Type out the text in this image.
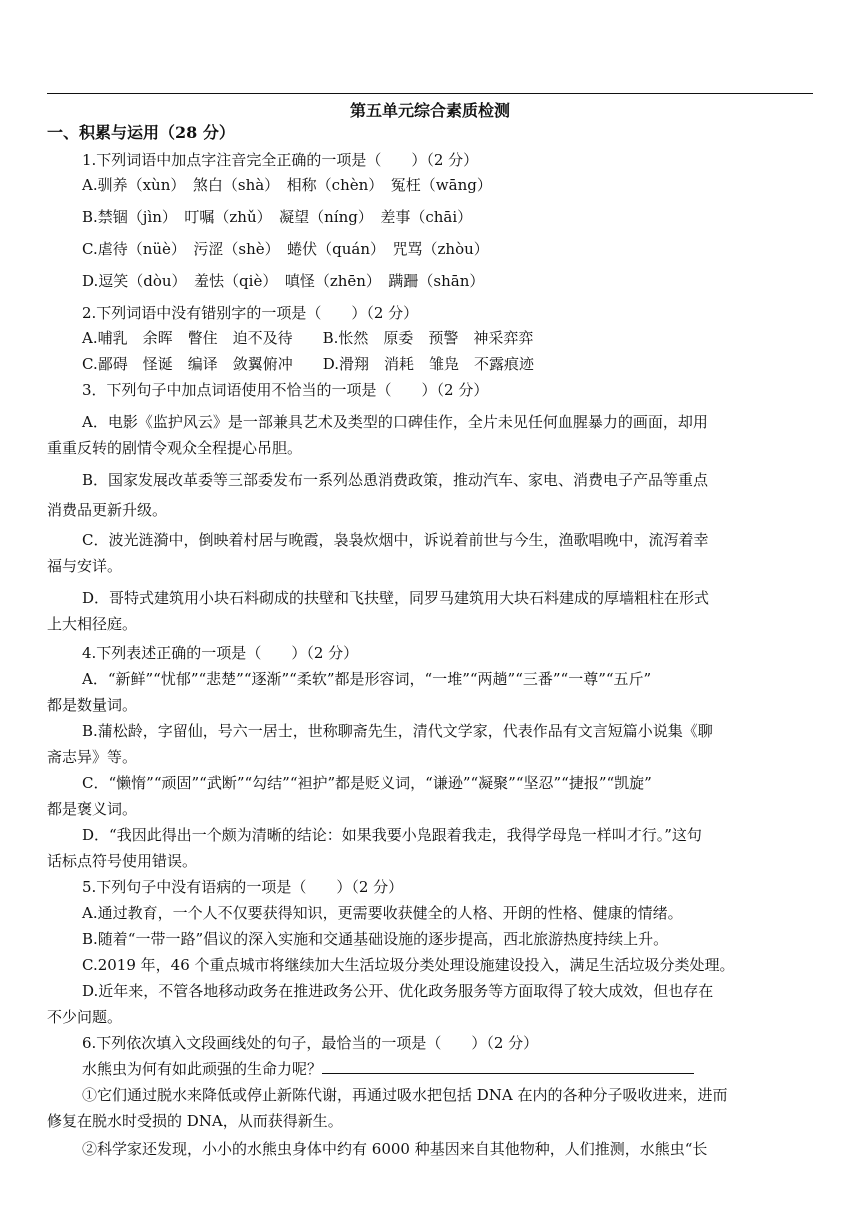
第五单元综合素质检测
一、积累与运用（28 分）
1.下列词语中加点字注音完全正确的一项是（　　）（2 分）
A.驯养（xùn）　煞白（shà）　相称（chèn）　冤枉（wāng）
B.禁锢（jìn）　叮嘱（zhǔ）　凝望（níng）　差事（chāi）
C.虐待（nüè）　污涩（shè）　蜷伏（quán）　咒骂（zhòu）
D.逗笑（dòu）　羞怯（qiè）　嗔怪（zhēn）　蹒跚（shān）
2.下列词语中没有错别字的一项是（　　）（2 分）
A.哺乳　余晖　瞥住　迫不及待　　B.怅然　原委　预警　神采弈弈
C.鄙碍　怪诞　编译　敛翼俯冲　　D.滑翔　消耗　雏凫　不露痕迹
3．下列句子中加点词语使用不恰当的一项是（　　）（2 分）
A．电影《监护风云》是一部兼具艺术及类型的口碑佳作，全片未见任何血腥暴力的画面，却用
重重反转的剧情令观众全程提心吊胆。
B．国家发展改革委等三部委发布一系列怂恿消费政策，推动汽车、家电、消费电子产品等重点
消费品更新升级。
C．波光涟漪中，倒映着村居与晚霞，袅袅炊烟中，诉说着前世与今生，渔歌唱晚中，流泻着幸
福与安详。
D．哥特式建筑用小块石料砌成的扶壁和飞扶壁，同罗马建筑用大块石料建成的厚墙粗柱在形式
上大相径庭。
4.下列表述正确的一项是（　　）（2 分）
A．“新鲜”“忧郁”“悲楚”“逐渐”“柔软”都是形容词，“一堆”“两趟”“三番”“一尊”“五斤”
都是数量词。
B.蒲松龄，字留仙，号六一居士，世称聊斋先生，清代文学家，代表作品有文言短篇小说集《聊
斋志异》等。
C．“懒惰”“顽固”“武断”“勾结”“袒护”都是贬义词，“谦逊”“凝聚”“坚忍”“捷报”“凯旋”
都是褒义词。
D．“我因此得出一个颇为清晰的结论：如果我要小凫跟着我走，我得学母凫一样叫才行。”这句
话标点符号使用错误。
5.下列句子中没有语病的一项是（　　）（2 分）
A.通过教育，一个人不仅要获得知识，更需要收获健全的人格、开朗的性格、健康的情绪。
B.随着“一带一路”倡议的深入实施和交通基础设施的逐步提高，西北旅游热度持续上升。
C.2019 年，46 个重点城市将继续加大生活垃圾分类处理设施建设投入，满足生活垃圾分类处理。
D.近年来，不管各地移动政务在推进政务公开、优化政务服务等方面取得了较大成效，但也存在
不少问题。
6.下列依次填入文段画线处的句子，最恰当的一项是（　　）（2 分）
水熊虫为何有如此顽强的生命力呢？
①它们通过脱水来降低或停止新陈代谢，再通过吸水把包括 DNA 在内的各种分子吸收进来，进而
修复在脱水时受损的 DNA，从而获得新生。
②科学家还发现，小小的水熊虫身体中约有 6000 种基因来自其他物种，人们推测，水熊虫“长
